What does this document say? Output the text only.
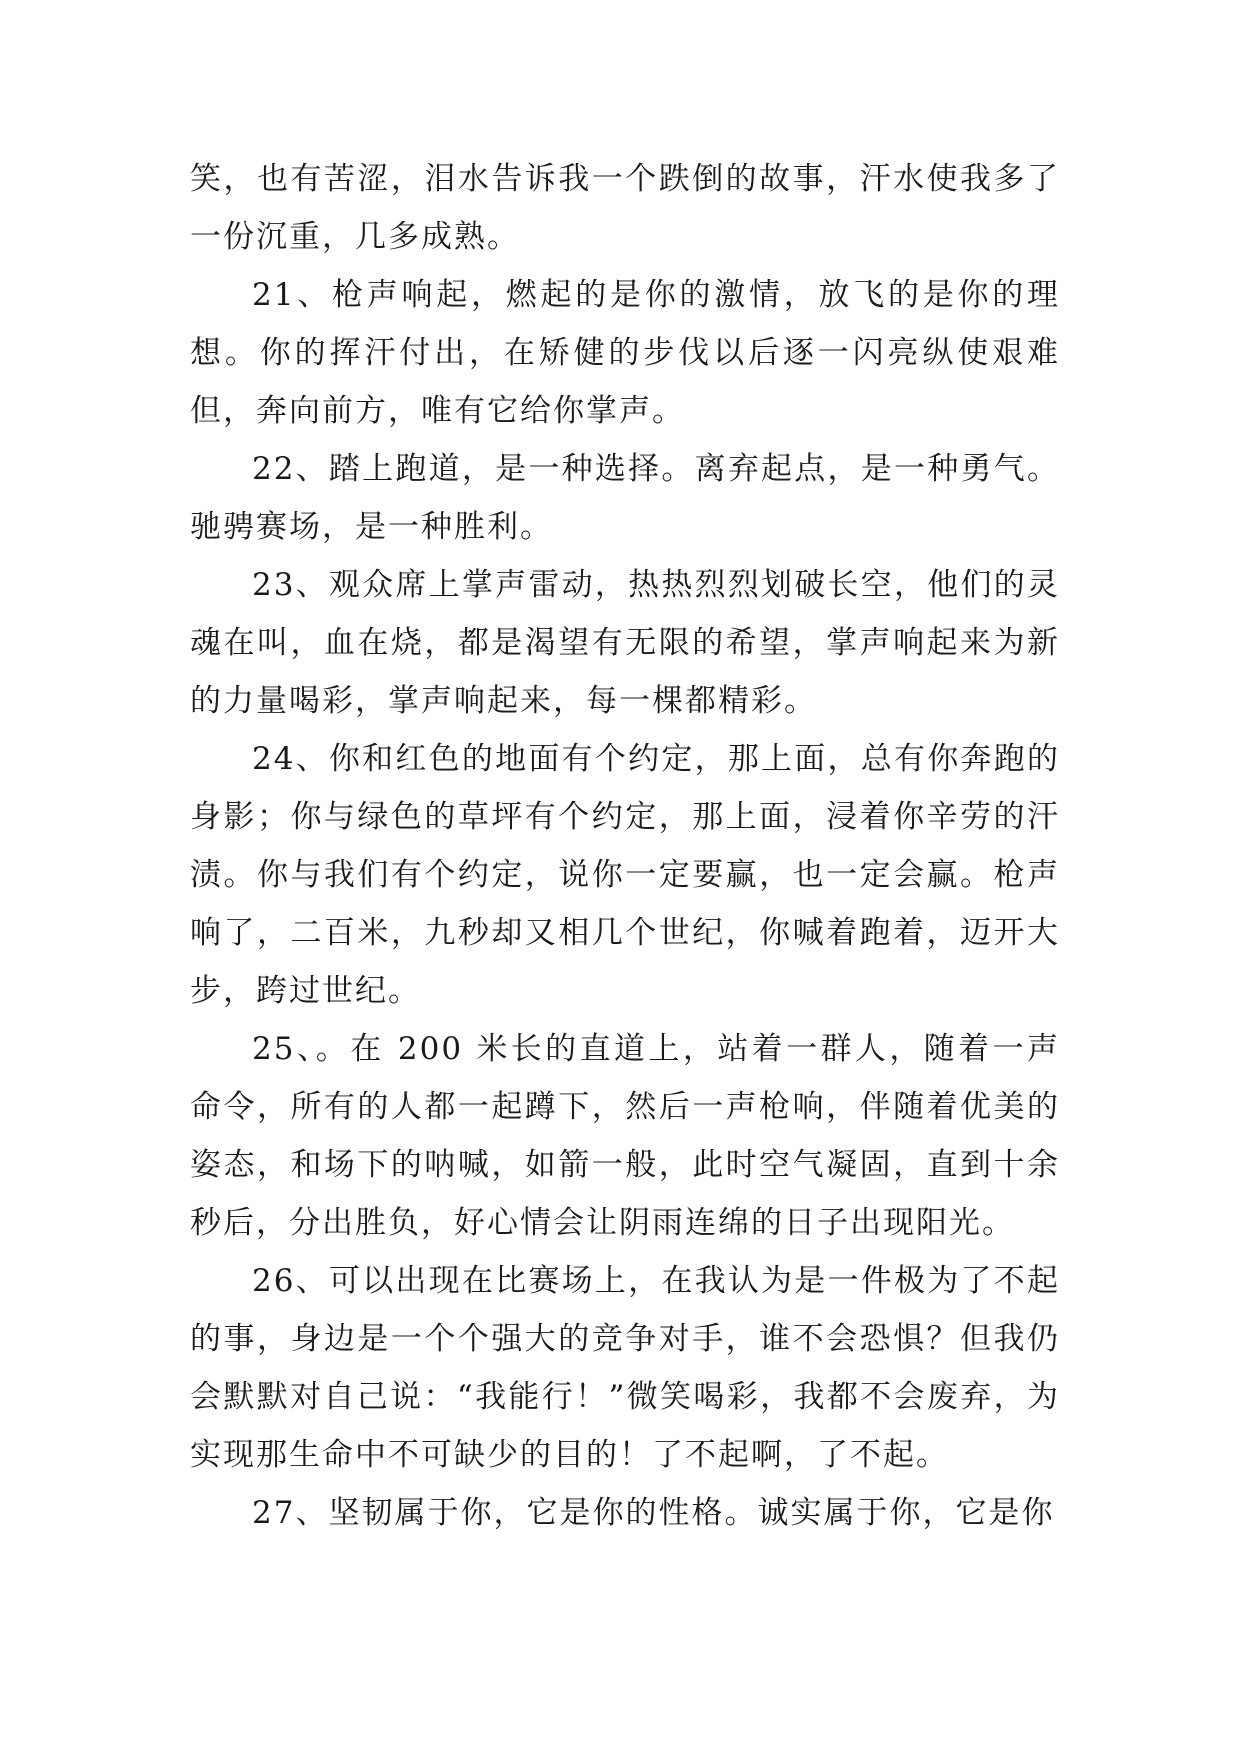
笑，也有苦涩，泪水告诉我一个跌倒的故事，汗水使我多了一份沉重，几多成熟。

21、枪声响起，燃起的是你的激情，放飞的是你的理想。你的挥汗付出，在矫健的步伐以后逐一闪亮纵使艰难但，奔向前方，唯有它给你掌声。

22、踏上跑道，是一种选择。离弃起点，是一种勇气。驰骋赛场，是一种胜利。

23、观众席上掌声雷动，热热烈烈划破长空，他们的灵魂在叫，血在烧，都是渴望有无限的希望，掌声响起来为新的力量喝彩，掌声响起来，每一棵都精彩。

24、你和红色的地面有个约定，那上面，总有你奔跑的身影；你与绿色的草坪有个约定，那上面，浸着你辛劳的汗渍。你与我们有个约定，说你一定要赢，也一定会赢。枪声响了，二百米，九秒却又相几个世纪，你喊着跑着，迈开大步，跨过世纪。

25、。在 200 米长的直道上，站着一群人，随着一声命令，所有的人都一起蹲下，然后一声枪响，伴随着优美的姿态，和场下的呐喊，如箭一般，此时空气凝固，直到十余秒后，分出胜负，好心情会让阴雨连绵的日子出现阳光。

26、可以出现在比赛场上，在我认为是一件极为了不起的事，身边是一个个强大的竞争对手，谁不会恐惧？但我仍会默默对自己说：“我能行！”微笑喝彩，我都不会废弃，为实现那生命中不可缺少的目的！了不起啊，了不起。

27、坚韧属于你，它是你的性格。诚实属于你，它是你
